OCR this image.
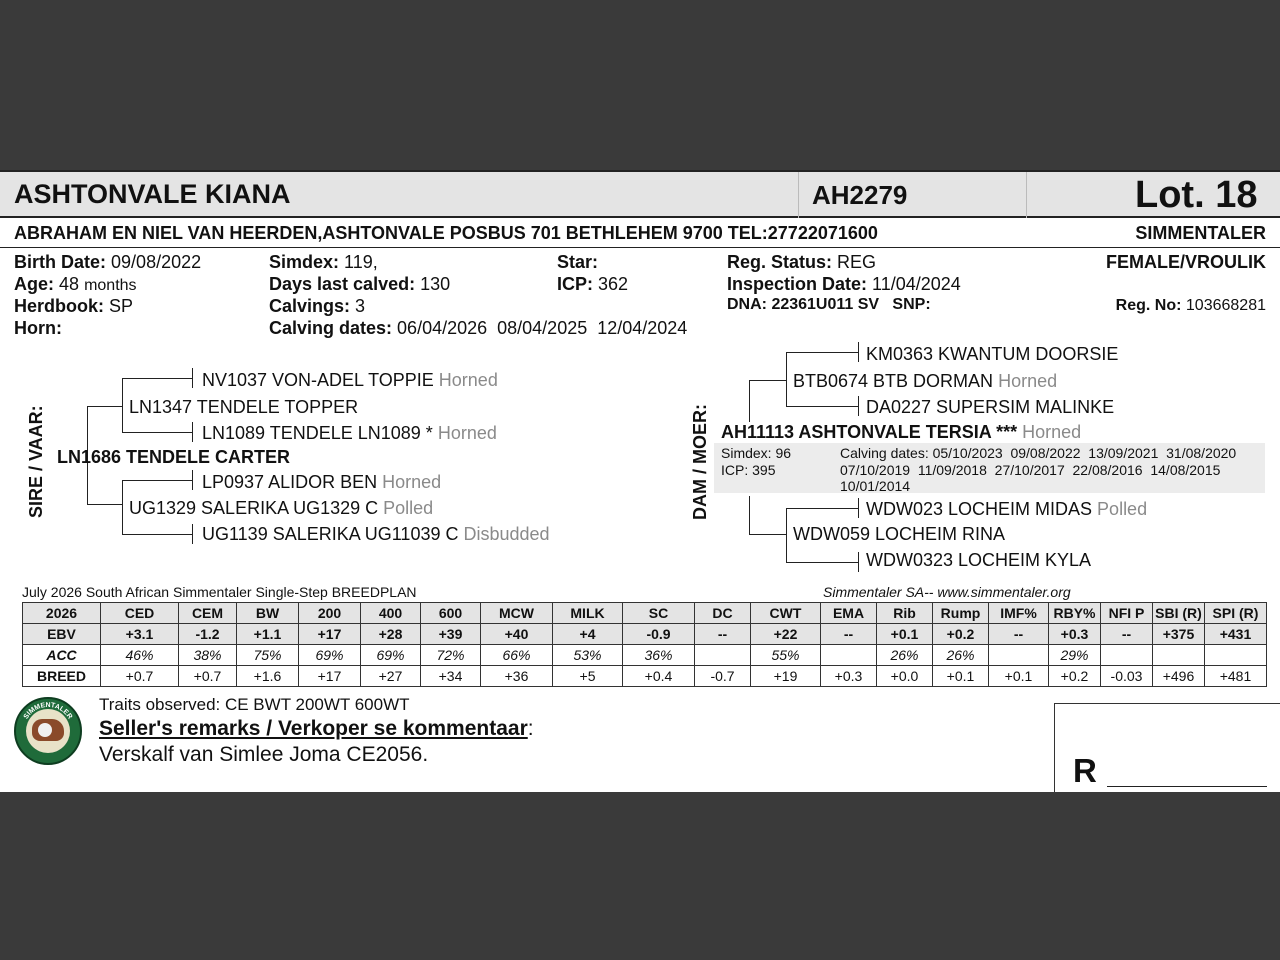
ASHTONVALE KIANA	AH2279	Lot. 18
ABRAHAM EN NIEL VAN HEERDEN,ASHTONVALE POSBUS 701 BETHLEHEM 9700 TEL:27722071600	SIMMENTALER
Birth Date: 09/08/2022
Age: 48 months
Herdbook: SP
Horn:
Simdex: 119,
Days last calved: 130
Calvings: 3
Calving dates: 06/04/2026  08/04/2025  12/04/2024
Star:
ICP: 362
Reg. Status: REG
Inspection Date: 11/04/2024
DNA: 22361U011 SV   SNP:
FEMALE/VROULIK
Reg. No: 103668281
SIRE / VAAR:
NV1037 VON-ADEL TOPPIE Horned
LN1347 TENDELE TOPPER
LN1089 TENDELE LN1089 * Horned
LN1686 TENDELE CARTER
LP0937 ALIDOR BEN Horned
UG1329 SALERIKA UG1329 C Polled
UG1139 SALERIKA UG11039 C Disbudded
DAM / MOER:
KM0363 KWANTUM DOORSIE
BTB0674 BTB DORMAN Horned
DA0227 SUPERSIM MALINKE
AH11113 ASHTONVALE TERSIA *** Horned
Simdex: 96
ICP: 395
Calving dates: 05/10/2023  09/08/2022  13/09/2021  31/08/2020
07/10/2019  11/09/2018  27/10/2017  22/08/2016  14/08/2015
10/01/2014
WDW023 LOCHEIM MIDAS Polled
WDW059 LOCHEIM RINA
WDW0323 LOCHEIM KYLA
July 2026 South African Simmentaler Single-Step BREEDPLAN	Simmentaler SA-- www.simmentaler.org
2026	CED	CEM	BW	200	400	600	MCW	MILK	SC	DC	CWT	EMA	Rib	Rump	IMF%	RBY%	NFI P	SBI (R)	SPI (R)
EBV	+3.1	-1.2	+1.1	+17	+28	+39	+40	+4	-0.9	--	+22	--	+0.1	+0.2	--	+0.3	--	+375	+431
ACC	46%	38%	75%	69%	69%	72%	66%	53%	36%		55%		26%	26%		29%			
BREED	+0.7	+0.7	+1.6	+17	+27	+34	+36	+5	+0.4	-0.7	+19	+0.3	+0.0	+0.1	+0.1	+0.2	-0.03	+496	+481
SIMMENTALER
Traits observed: CE BWT 200WT 600WT
Seller's remarks / Verkoper se kommentaar:
Verskalf van Simlee Joma CE2056.	R
